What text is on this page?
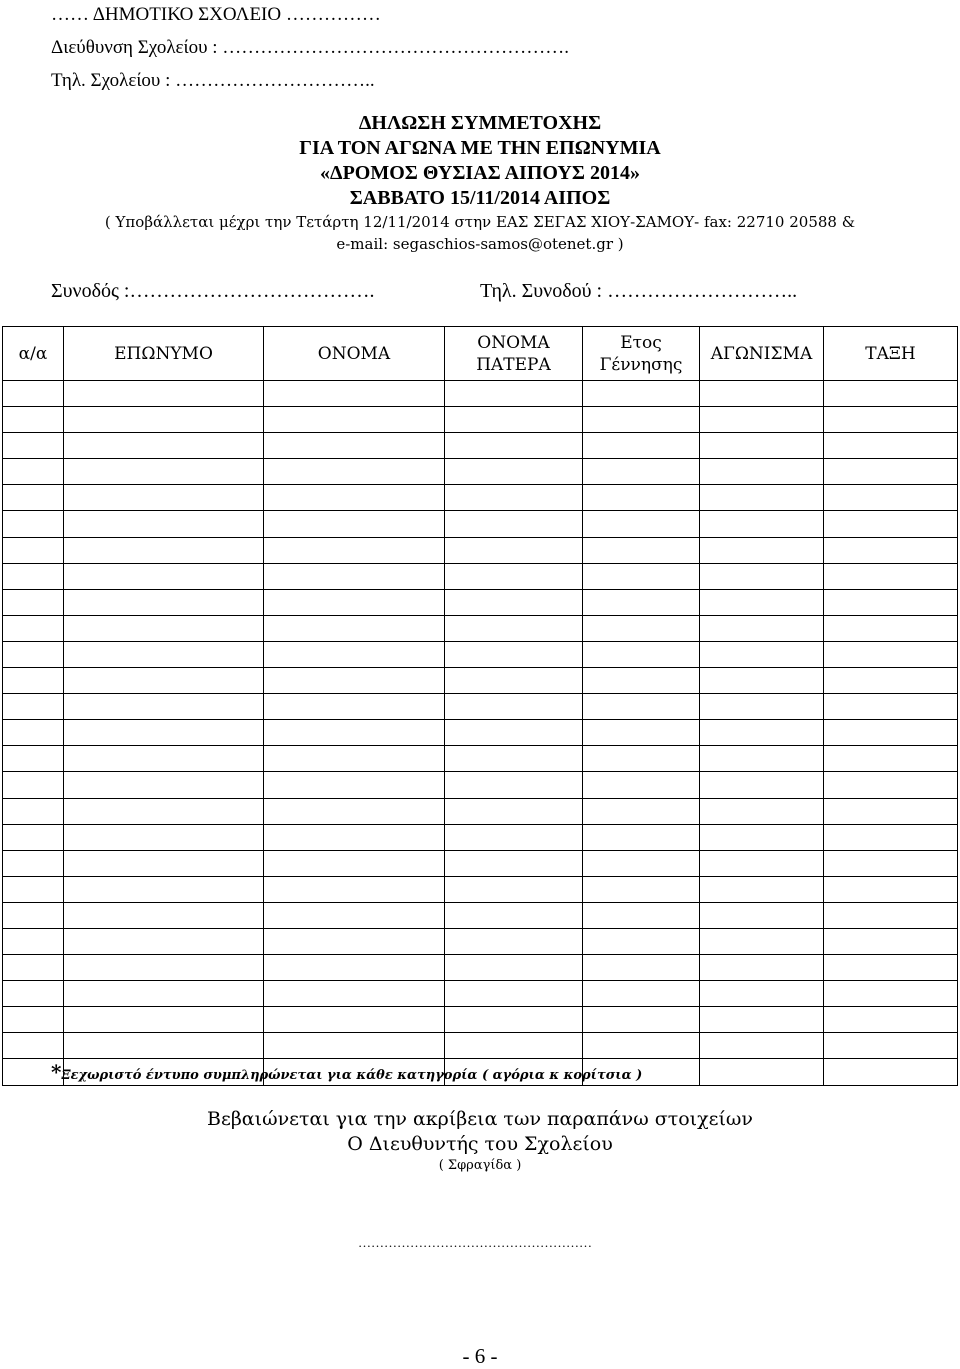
…… ΔΗΜΟΤΙΚΟ ΣΧΟΛΕΙΟ ……………
Διεύθυνση Σχολείου : ……………………………………………….
Τηλ. Σχολείου : …………………………..
ΔΗΛΩΣΗ ΣΥΜΜΕΤΟΧΗΣ
ΓΙΑ ΤΟΝ ΑΓΩΝΑ ΜΕ ΤΗΝ ΕΠΩΝΥΜΙΑ
«ΔΡΟΜΟΣ ΘΥΣΙΑΣ ΑΙΠΟΥΣ 2014»
ΣΑΒΒΑΤΟ 15/11/2014 ΑΙΠΟΣ
( Υποβάλλεται μέχρι την Τετάρτη 12/11/2014 στην ΕΑΣ ΣΕΓΑΣ ΧΙΟΥ-ΣΑΜΟΥ- fax: 22710 20588 &
e-mail: segaschios-samos@otenet.gr )
Συνοδός :……………………………….	Τηλ. Συνοδού : ………………………..
α/α	ΕΠΩΝΥΜΟ	ΟΝΟΜΑ	ΟΝΟΜΑ ΠΑΤΕΡΑ	Ετος Γέννησης	ΑΓΩΝΙΣΜΑ	ΤΑΞΗ

*Ξεχωριστό έντυπο συμπληρώνεται για κάθε κατηγορία ( αγόρια κ κορίτσια )
Βεβαιώνεται για την ακρίβεια των παραπάνω στοιχείων
Ο Διευθυντής του Σχολείου
( Σφραγίδα )
………………………………………………
- 6 -
